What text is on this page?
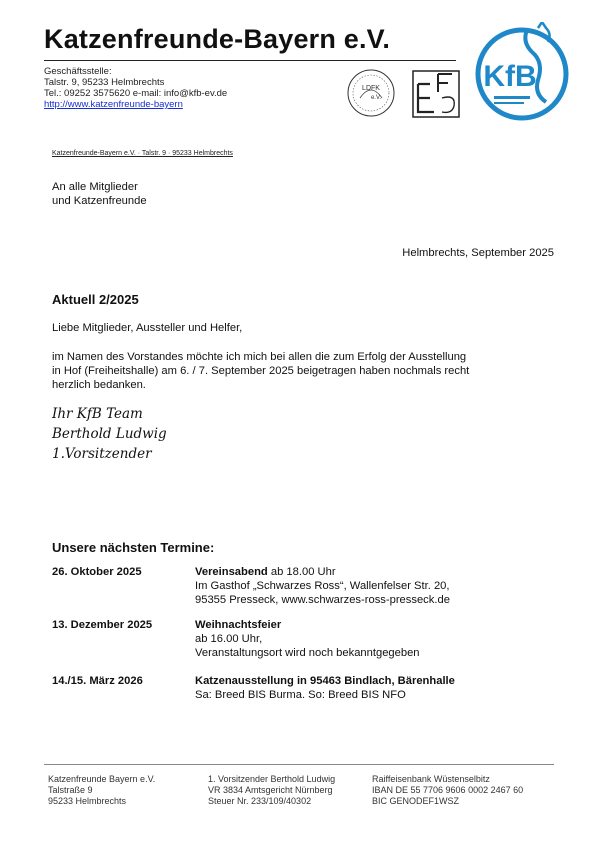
Katzenfreunde-Bayern e.V.
Geschäftsstelle:
Talstr. 9, 95233 Helmbrechts
Tel.: 09252 3575620 e-mail: info@kfb-ev.de
http://www.katzenfreunde-bayern
LDFK
e.V.
KfB
Katzenfreunde-Bayern e.V. · Talstr. 9 · 95233 Helmbrechts
An alle Mitglieder
und Katzenfreunde
Helmbrechts, September 2025
Aktuell 2/2025
Liebe Mitglieder, Aussteller und Helfer,
im Namen des Vorstandes möchte ich mich bei allen die zum Erfolg der Ausstellung
in Hof (Freiheitshalle) am 6. / 7. September 2025 beigetragen haben nochmals recht
herzlich bedanken.
Ihr KfB Team
Berthold Ludwig
1.Vorsitzender
Unsere nächsten Termine:
26. Oktober 2025	Vereinsabend ab 18.00 Uhr
Im Gasthof „Schwarzes Ross“, Wallenfelser Str. 20,
95355 Presseck, www.schwarzes-ross-presseck.de
13. Dezember 2025	Weihnachtsfeier
ab 16.00 Uhr,
Veranstaltungsort wird noch bekanntgegeben
14./15. März 2026	Katzenausstellung in 95463 Bindlach, Bärenhalle
Sa: Breed BIS Burma. So: Breed BIS NFO
Katzenfreunde Bayern e.V.
Talstraße 9
95233 Helmbrechts
1. Vorsitzender Berthold Ludwig
VR 3834 Amtsgericht Nürnberg
Steuer Nr. 233/109/40302
Raiffeisenbank Wüstenselbitz
IBAN DE 55 7706 9606 0002 2467 60
BIC GENODEF1WSZ
